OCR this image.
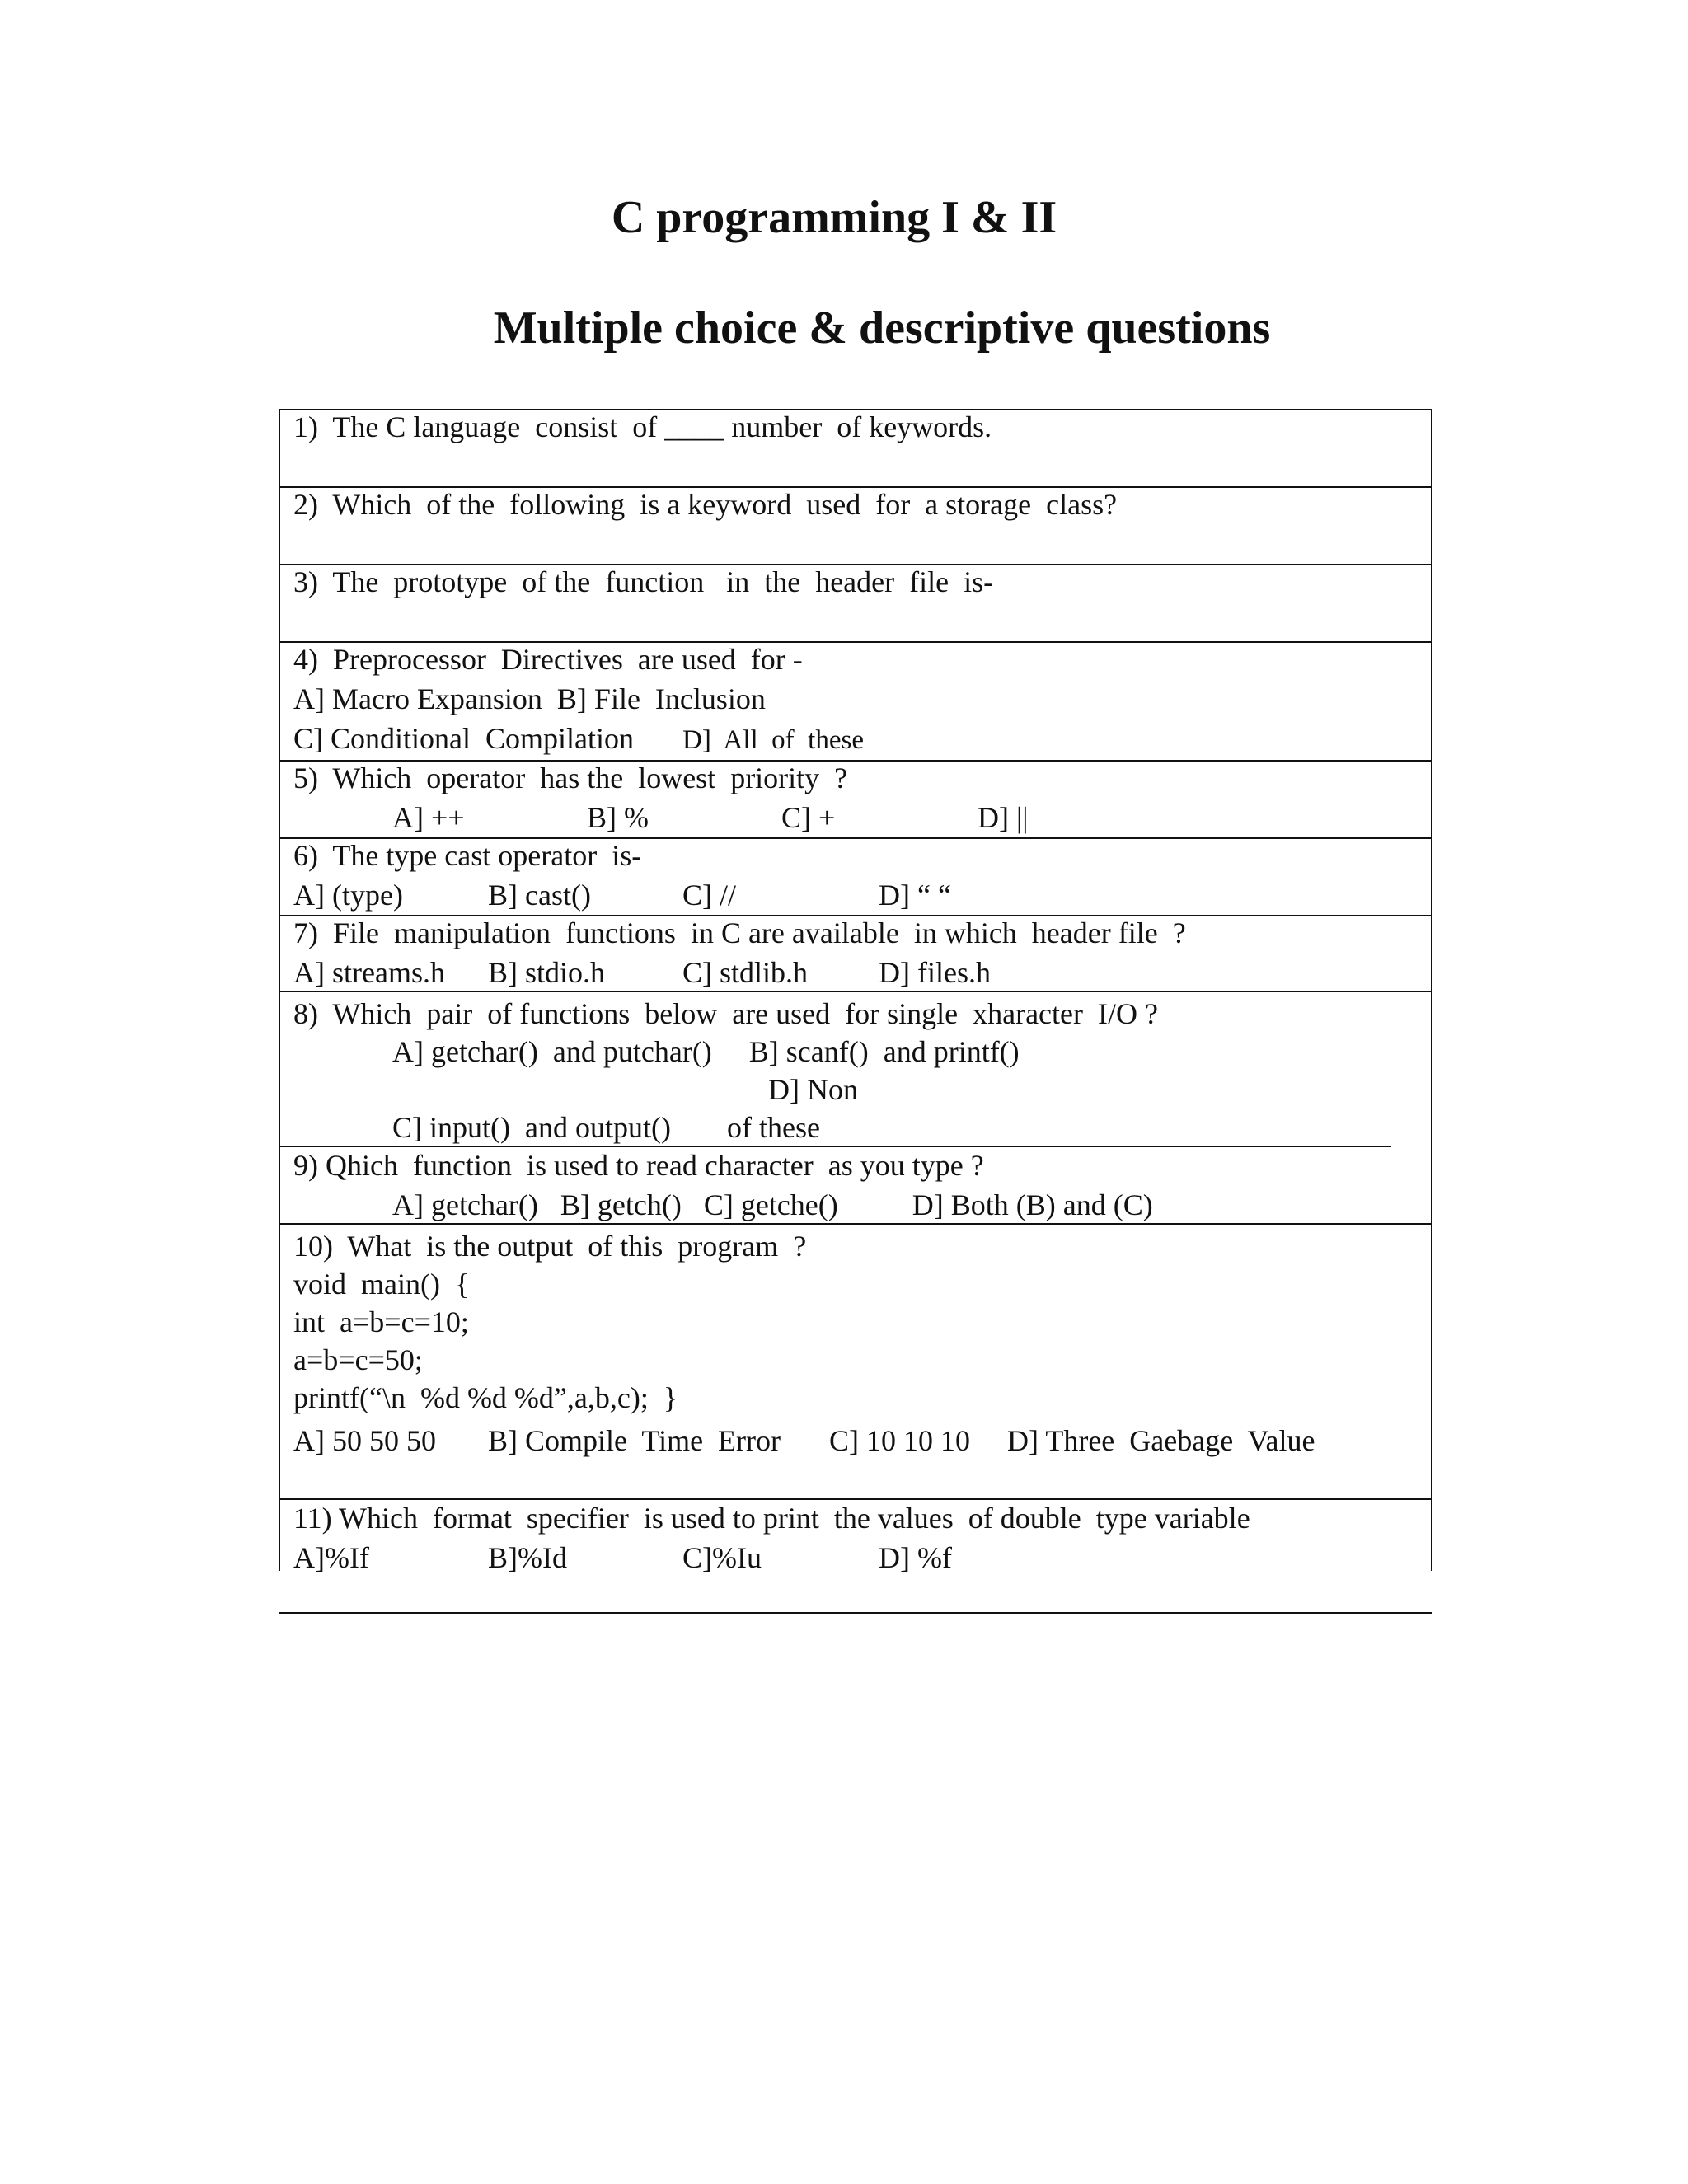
C programming I & II
Multiple choice & descriptive questions

1)  The C language  consist  of ____ number  of keywords.

2)  Which  of the  following  is a keyword  used  for  a storage  class?

3)  The  prototype  of the  function   in  the  header  file  is-

4)  Preprocessor  Directives  are used  for -

A] Macro Expansion  B] File  Inclusion

C] Conditional  Compilation

D]  All  of  these

5)  Which  operator  has the  lowest  priority  ?

A] ++

	B] %

	C] +

	D] ||

6)  The type cast operator  is-

A] (type)

	B] cast()

	C] //

	D] “ “

7)  File  manipulation  functions  in C are available  in which  header file  ?

A] streams.h

B] stdio.h

	C] stdlib.h

D] files.h

8)  Which  pair  of functions  below  are used  for single  xharacter  I/O ?

A] getchar()  and putchar()     B] scanf()  and printf()

D] Non

C] input()  and output()

of these

9) Qhich  function  is used to read character  as you type ?

A] getchar()   B] getch()   C] getche()          D] Both (B) and (C)

10)  What  is the output  of this  program  ?

void  main()  {

int  a=b=c=10;

a=b=c=50;

printf(“\n  %d %d %d”,a,b,c);  }

A] 50 50 50

B] Compile  Time  Error

C] 10 10 10

D] Three  Gaebage  Value

11) Which  format  specifier  is used to print  the values  of double  type variable

A]%If

	B]%Id

	C]%Iu

	D] %f
